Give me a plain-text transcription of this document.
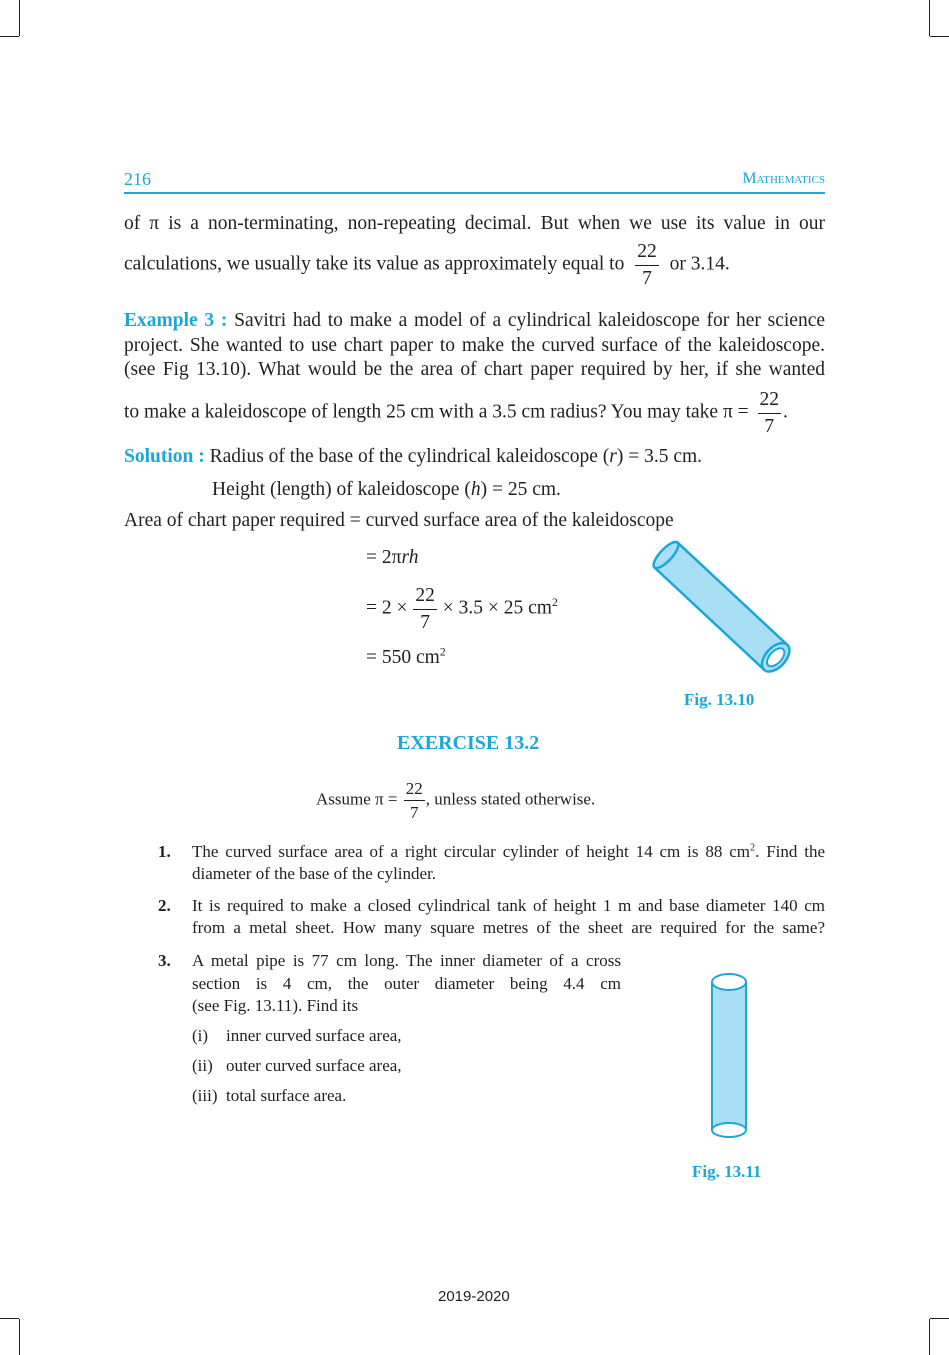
216	Mathematics
of π is a non-terminating, non-repeating decimal. But when we use its value in our
calculations, we usually take its value as approximately equal to $\frac{22}{7}$ or 3.14.
Example 3 : Savitri had to make a model of a cylindrical kaleidoscope for her science
project. She wanted to use chart paper to make the curved surface of the kaleidoscope.
(see Fig 13.10). What would be the area of chart paper required by her, if she wanted
to make a kaleidoscope of length 25 cm with a 3.5 cm radius? You may take $\pi = \frac{22}{7}$ .
Solution : Radius of the base of the cylindrical kaleidoscope (r) = 3.5 cm.
Height (length) of kaleidoscope (h) = 25 cm.
Area of chart paper required = curved surface area of the kaleidoscope
= 2πrh
= $2 \times \frac{22}{7} \times 3.5 \times 25$ $cm^2$
= 550 $cm^2$
Fig. 13.10
EXERCISE 13.2
Assume $\pi = \frac{22}{7}$ , unless stated otherwise.
1. The curved surface area of a right circular cylinder of height 14 cm is 88 $cm^2$. Find the
diameter of the base of the cylinder.
2. It is required to make a closed cylindrical tank of height 1 m and base diameter 140 cm
from a metal sheet. How many square metres of the sheet are required for the same?
3. A metal pipe is 77 cm long. The inner diameter of a cross
section is 4 cm, the outer diameter being 4.4 cm
(see Fig. 13.11). Find its
(i) inner curved surface area,
(ii) outer curved surface area,
(iii) total surface area.
Fig. 13.11
2019-2020
